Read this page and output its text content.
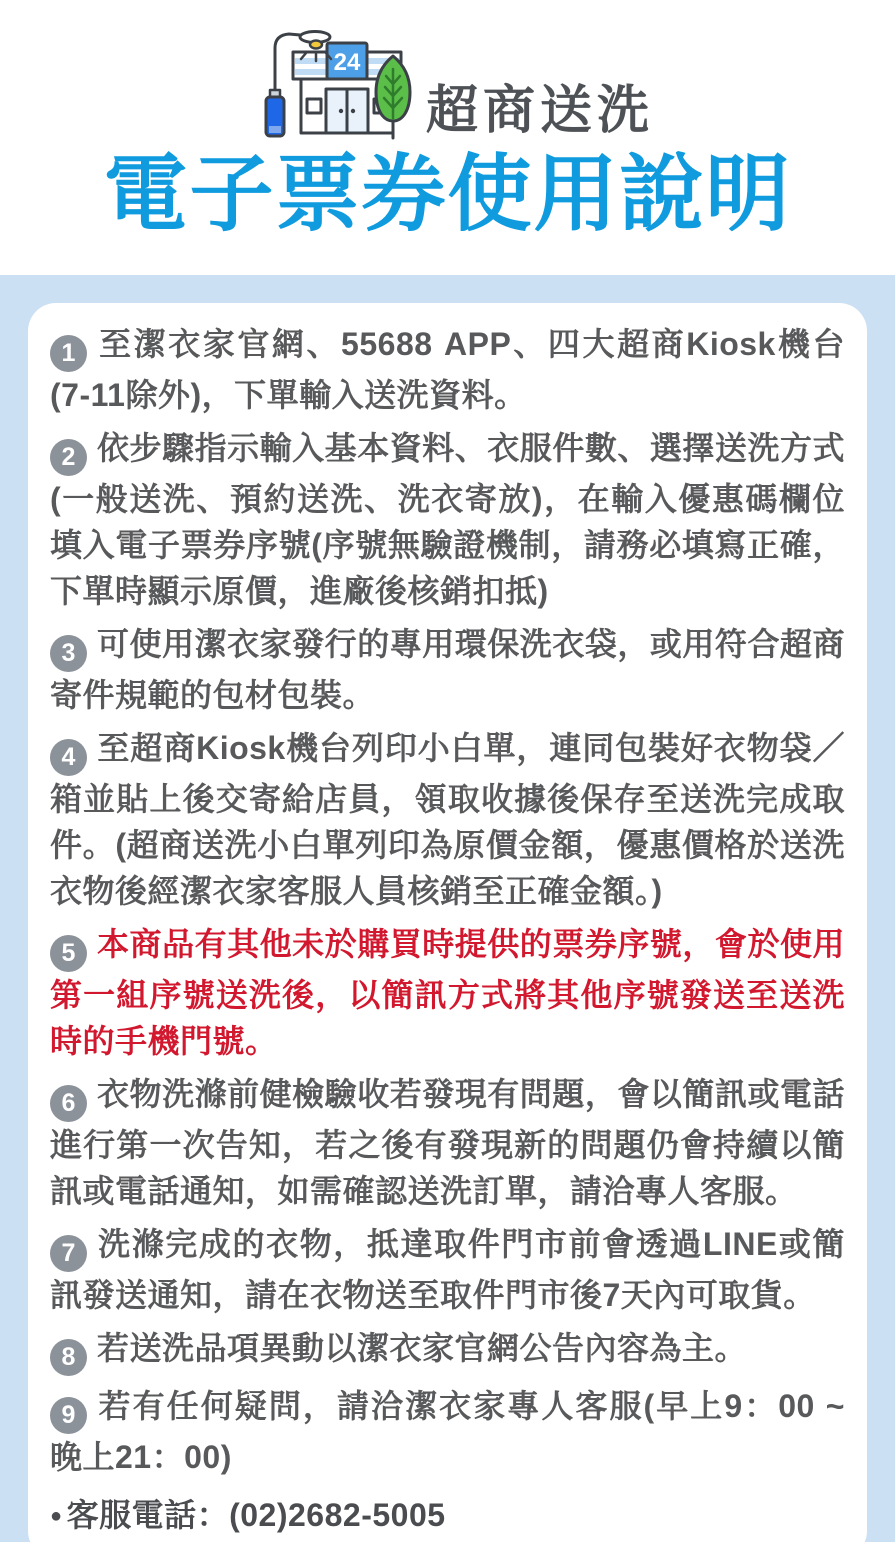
24
超商送洗
電子票券使用說明

1 至潔衣家官網、55688 APP、四大超商Kiosk機台(7-11除外)，下單輸入送洗資料。

2 依步驟指示輸入基本資料、衣服件數、選擇送洗方式(一般送洗、預約送洗、洗衣寄放)，在輸入優惠碼欄位填入電子票券序號(序號無驗證機制，請務必填寫正確，下單時顯示原價，進廠後核銷扣抵)

3 可使用潔衣家發行的專用環保洗衣袋，或用符合超商寄件規範的包材包裝。

4 至超商Kiosk機台列印小白單，連同包裝好衣物袋／箱並貼上後交寄給店員，領取收據後保存至送洗完成取件。(超商送洗小白單列印為原價金額，優惠價格於送洗衣物後經潔衣家客服人員核銷至正確金額。)

5 本商品有其他未於購買時提供的票券序號，會於使用第一組序號送洗後，以簡訊方式將其他序號發送至送洗時的手機門號。

6 衣物洗滌前健檢驗收若發現有問題，會以簡訊或電話進行第一次告知，若之後有發現新的問題仍會持續以簡訊或電話通知，如需確認送洗訂單，請洽專人客服。

7 洗滌完成的衣物，抵達取件門市前會透過LINE或簡訊發送通知，請在衣物送至取件門市後7天內可取貨。

8 若送洗品項異動以潔衣家官網公告內容為主。

9 若有任何疑問，請洽潔衣家專人客服(早上9：00 ~ 晚上21：00)

● 客服電話：(02)2682-5005
